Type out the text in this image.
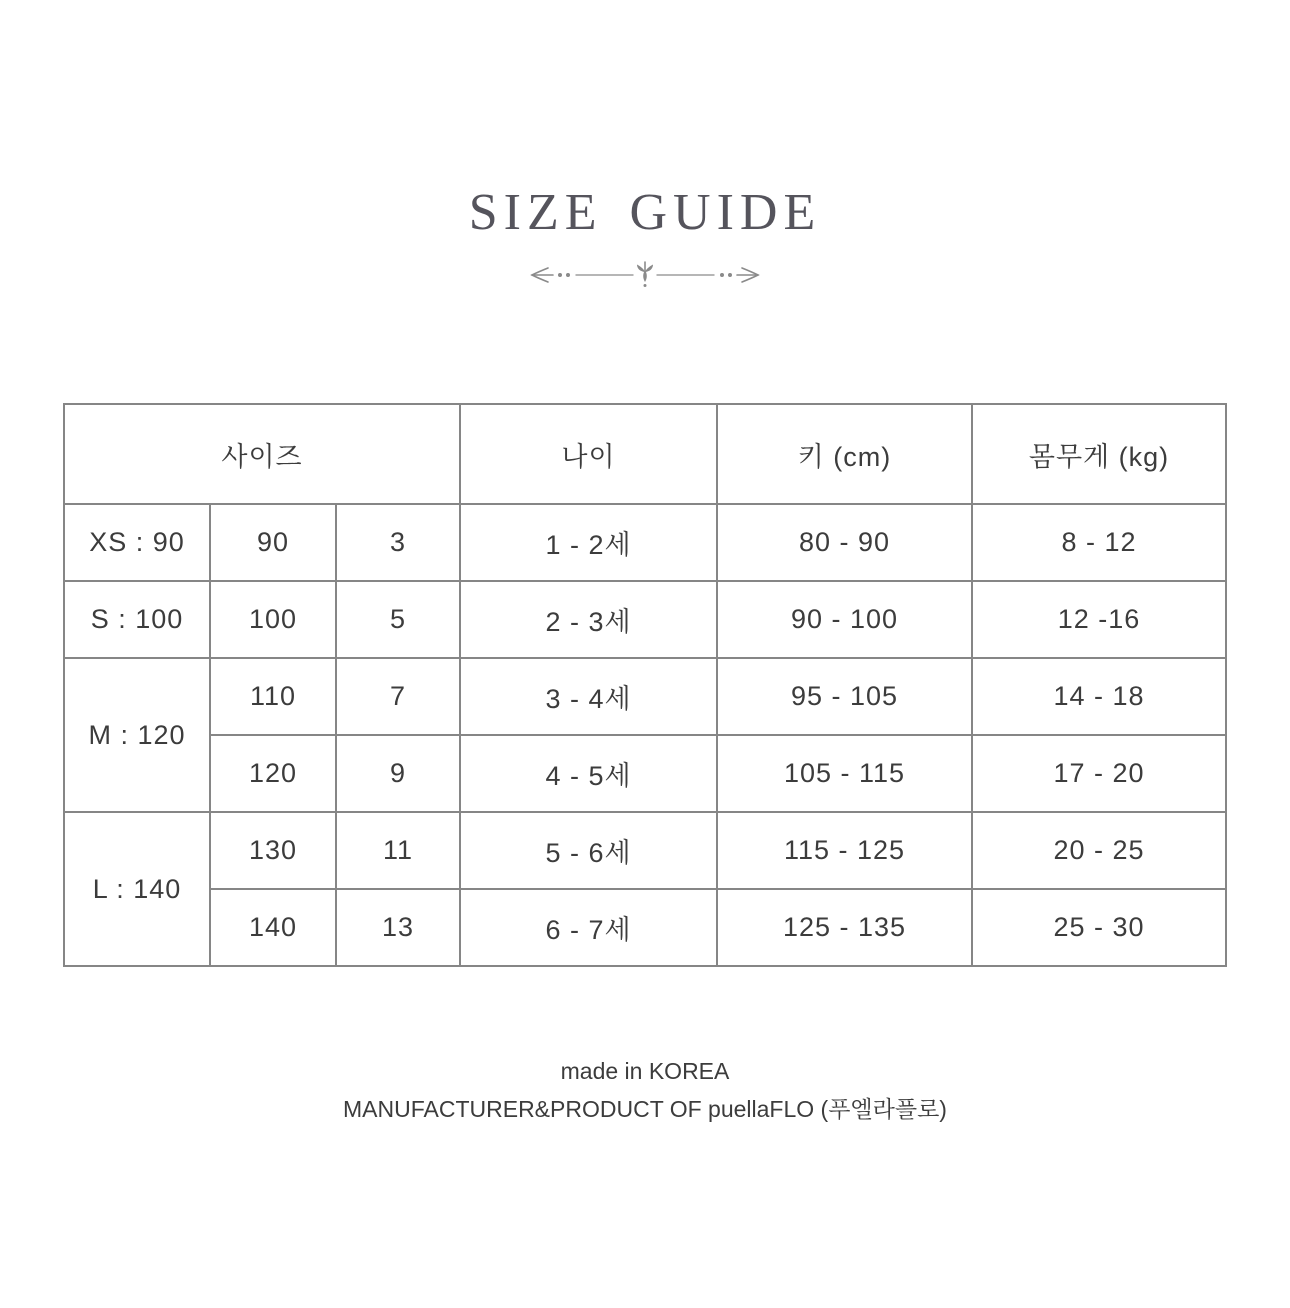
SIZE GUIDE
사이즈			나이	키 (cm)	몸무게 (kg)
XS : 90	90	3	1 - 2세	80 - 90	8 - 12
S : 100	100	5	2 - 3세	90 - 100	12 -16
M : 120	110	7	3 - 4세	95 - 105	14 - 18
	120	9	4 - 5세	105 - 115	17 - 20
L : 140	130	11	5 - 6세	115 - 125	20 - 25
	140	13	6 - 7세	125 - 135	25 - 30
made in KOREA
MANUFACTURER&PRODUCT OF puellaFLO (푸엘라플로)
